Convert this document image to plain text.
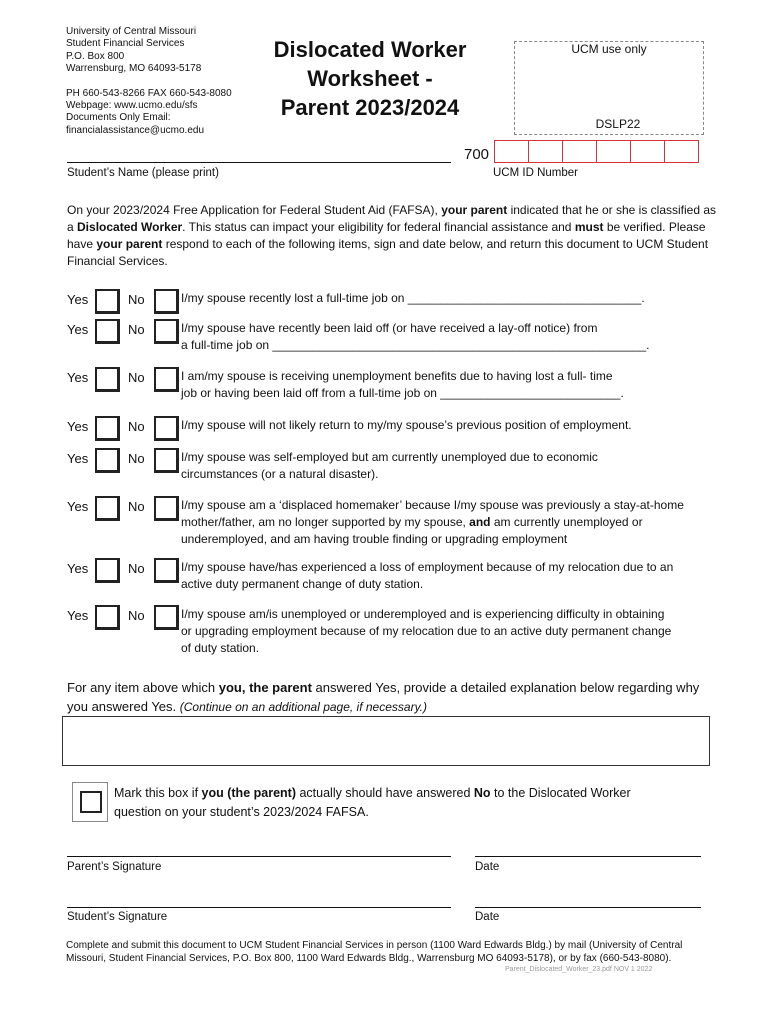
University of Central Missouri
Student Financial Services
P.O. Box 800
Warrensburg, MO 64093-5178
PH 660-543-8266 FAX 660-543-8080
Webpage: www.ucmo.edu/sfs
Documents Only Email:
financialassistance@ucmo.edu
Dislocated Worker
Worksheet -
Parent 2023/2024
UCM use only
DSLP22
Student’s Name (please print)
700
UCM ID Number
On your 2023/2024 Free Application for Federal Student Aid (FAFSA), your parent indicated that he or she is classified as a Dislocated Worker. This status can impact your eligibility for federal financial assistance and must be verified. Please have your parent respond to each of the following items, sign and date below, and return this document to UCM Student Financial Services.
Yes	No	I/my spouse recently lost a full-time job on ___________________________________.
Yes	No	I/my spouse have recently been laid off (or have received a lay-off notice) from
a full-time job on ________________________________________________________.
Yes	No	I am/my spouse is receiving unemployment benefits due to having lost a full- time
job or having been laid off from a full-time job on ___________________________.
Yes	No	I/my spouse will not likely return to my/my spouse’s previous position of employment.
Yes	No	I/my spouse was self-employed but am currently unemployed due to economic
circumstances (or a natural disaster).
Yes	No	I/my spouse am a ‘displaced homemaker’ because I/my spouse was previously a stay-at-home mother/father, am no longer supported by my spouse, and am currently unemployed or underemployed, and am having trouble finding or upgrading employment
Yes	No	I/my spouse have/has experienced a loss of employment because of my relocation due to an
active duty permanent change of duty station.
Yes	No	I/my spouse am/is unemployed or underemployed and is experiencing difficulty in obtaining
or upgrading employment because of my relocation due to an active duty permanent change
of duty station.
For any item above which you, the parent answered Yes, provide a detailed explanation below regarding why you answered Yes. (Continue on an additional page, if necessary.)
Mark this box if you (the parent) actually should have answered No to the Dislocated Worker question on your student’s 2023/2024 FAFSA.
Parent’s Signature	Date
Student’s Signature	Date
Complete and submit this document to UCM Student Financial Services in person (1100 Ward Edwards Bldg.) by mail (University of Central Missouri, Student Financial Services, P.O. Box 800, 1100 Ward Edwards Bldg., Warrensburg MO 64093-5178), or by fax (660-543-8080).
Parent_Dislocated_Worker_23.pdf NOV 1 2022
